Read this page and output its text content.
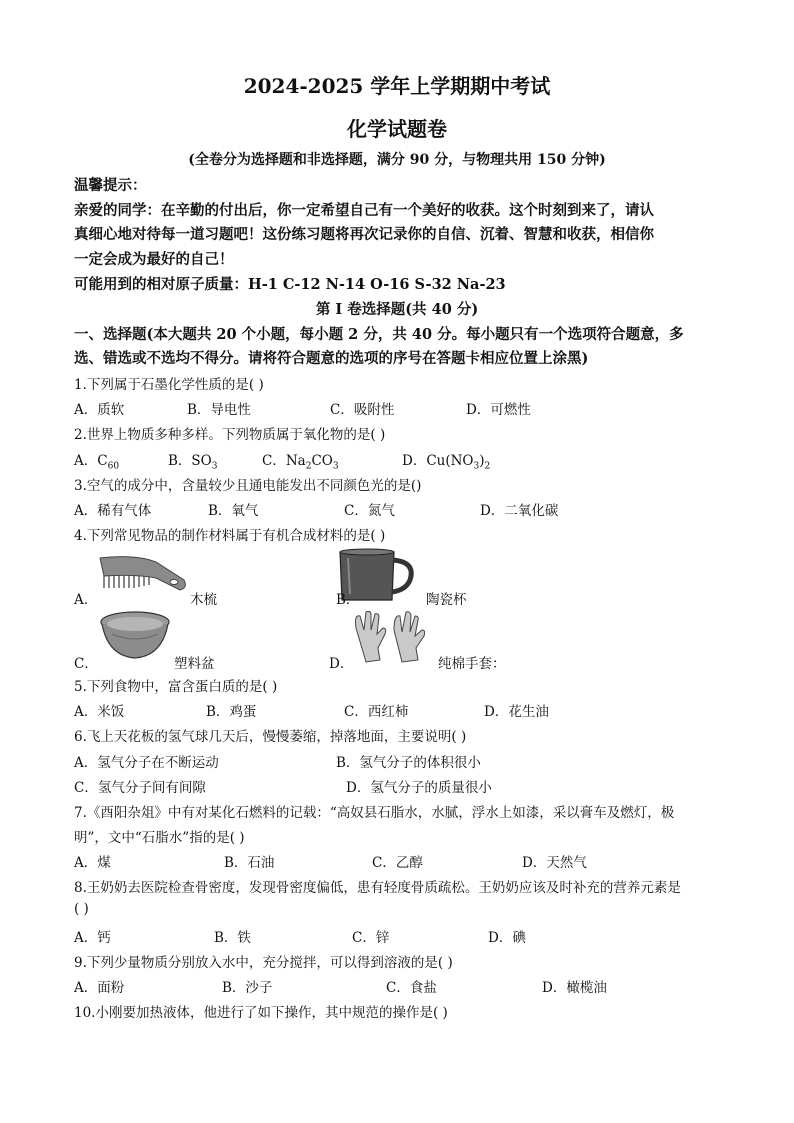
2024-2025 学年上学期期中考试
化学试题卷
(全卷分为选择题和非选择题，满分 90 分，与物理共用 150 分钟)
温馨提示：
亲爱的同学：在辛勤的付出后，你一定希望自己有一个美好的收获。这个时刻到来了，请认
真细心地对待每一道习题吧！这份练习题将再次记录你的自信、沉着、智慧和收获，相信你
一定会成为最好的自己！
可能用到的相对原子质量：H-1 C-12 N-14 O-16 S-32 Na-23
第 Ⅰ 卷选择题(共 40 分)
一、选择题(本大题共 20 个小题，每小题 2 分，共 40 分。每小题只有一个选项符合题意，多
选、错选或不选均不得分。请将符合题意的选项的序号在答题卡相应位置上涂黑)
1.下列属于石墨化学性质的是( )
A．质软	B．导电性	C．吸附性	D．可燃性
2.世界上物质多种多样。下列物质属于氧化物的是( )
A．$C_{60}$	B．$SO_3$	C．$Na_2CO_3$	D．$Cu(NO_3)_2$
3.空气的成分中，含量较少且通电能发出不同颜色光的是()
A．稀有气体	B．氧气	C．氮气	D．二氧化碳
4.下列常见物品的制作材料属于有机合成材料的是( )
A．	木梳	B．	陶瓷杯
C．	塑料盆	D．	纯棉手套：
5.下列食物中，富含蛋白质的是( )
A．米饭	B．鸡蛋	C．西红柿	D．花生油
6.飞上天花板的氢气球几天后，慢慢萎缩，掉落地面，主要说明( )
A．氢气分子在不断运动	B．氢气分子的体积很小
C．氢气分子间有间隙	D．氢气分子的质量很小
7.《酉阳杂俎》中有对某化石燃料的记载：“高奴县石脂水，水腻，浮水上如漆，采以膏车及燃灯，极
明”，文中“石脂水”指的是( )
A．煤	B．石油	C．乙醇	D．天然气
8.王奶奶去医院检查骨密度，发现骨密度偏低，患有轻度骨质疏松。王奶奶应该及时补充的营养元素是
( )
A．钙	B．铁	C．锌	D．碘
9.下列少量物质分别放入水中，充分搅拌，可以得到溶液的是( )
A．面粉	B．沙子	C．食盐	D．橄榄油
10.小刚要加热液体，他进行了如下操作，其中规范的操作是( )
